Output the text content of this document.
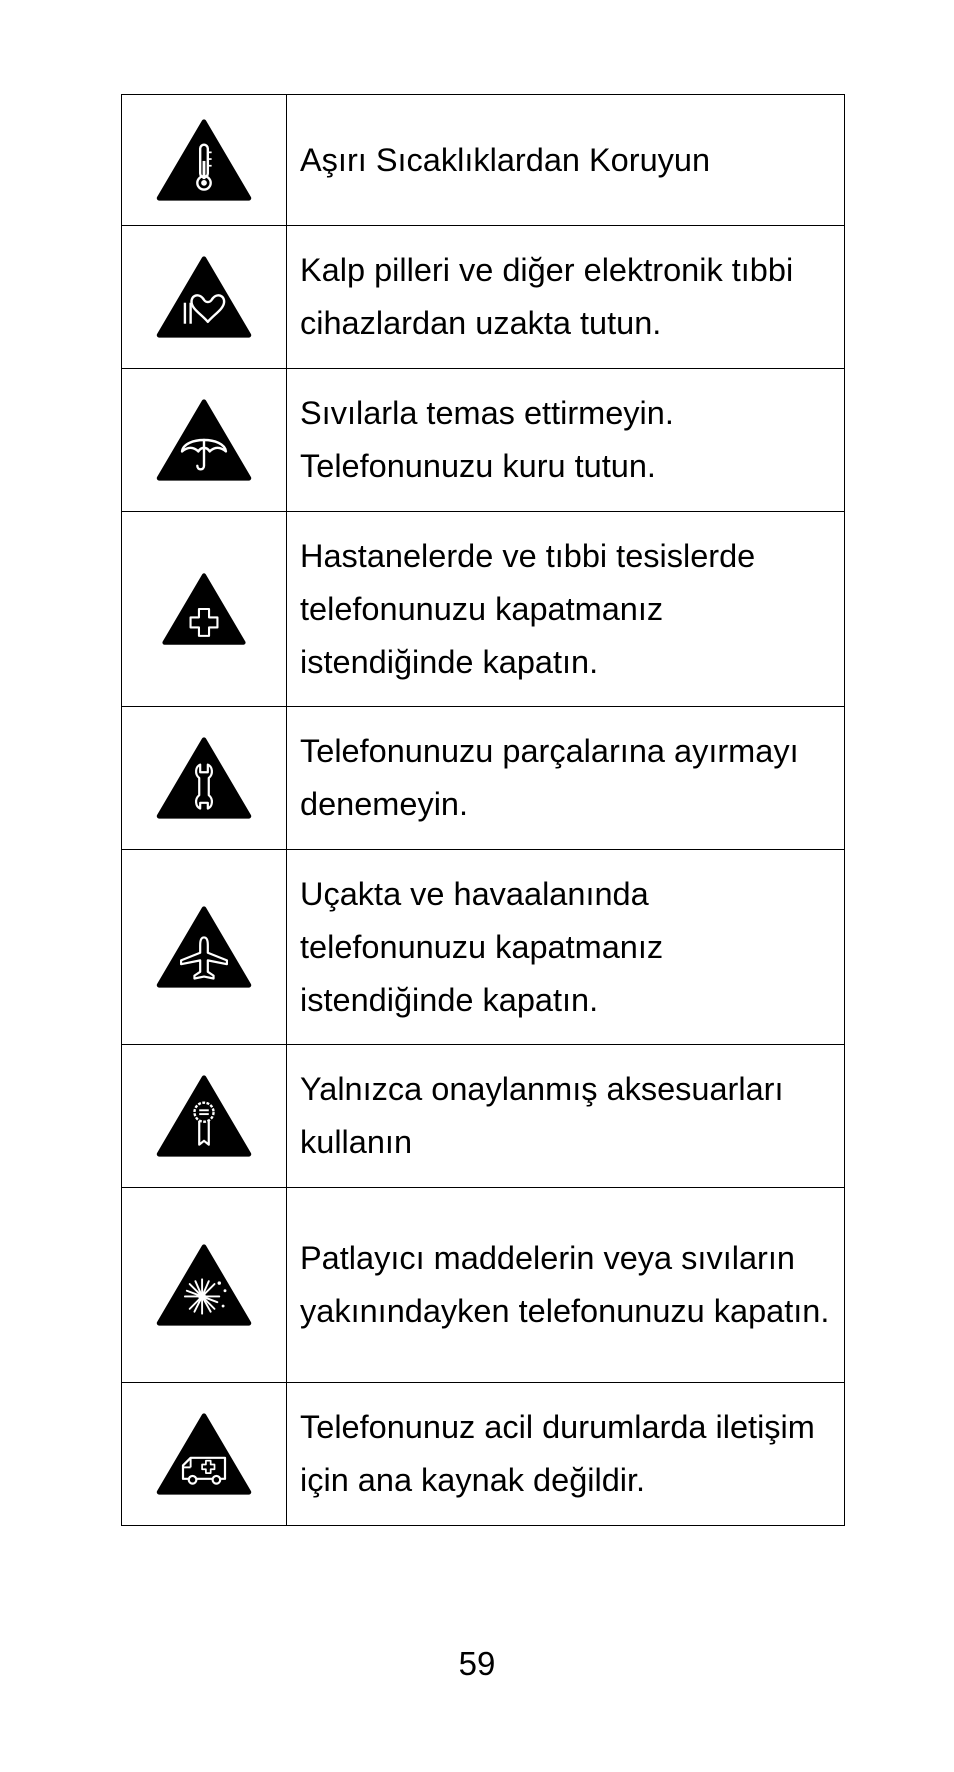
Aşırı Sıcaklıklardan Koruyun

Kalp pilleri ve diğer elektronik tıbbi cihazlardan uzakta tutun.

Sıvılarla temas ettirmeyin. Telefonunuzu kuru tutun.

Hastanelerde ve tıbbi tesislerde telefonunuzu kapatmanız istendiğinde kapatın.

Telefonunuzu parçalarına ayırmayı denemeyin.

Uçakta ve havaalanında telefonunuzu kapatmanız istendiğinde kapatın.

Yalnızca onaylanmış aksesuarları kullanın

Patlayıcı maddelerin veya sıvıların yakınındayken telefonunuzu kapatın.

Telefonunuz acil durumlarda iletişim için ana kaynak değildir.
59
